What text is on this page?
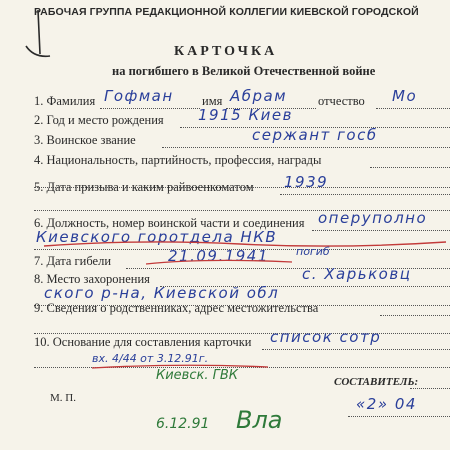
РАБОЧАЯ ГРУППА РЕДАКЦИОННОЙ КОЛЛЕГИИ КИЕВСКОЙ ГОРОДСКОЙ
КАРТОЧКА
на погибшего в Великой Отечественной войне
1. Фамилия Гофман имя Абрам отчество Мо
2. Год и место рождения 1915 Киев
3. Воинское звание	сержант госб
4. Национальность, партийность, профессия, награды
5. Дата призыва и каким райвоенкоматом 1939
6. Должность, номер воинской части и соединения оперуполно
Киевского горотдела НКВ
7. Дата гибели	21.09.1941 погиб
8. Место захоронения	с. Харьковц
ского р-на, Киевской обл
9. Сведения о родственниках, адрес местожительства
10. Основание для составления карточки список сотр
вх. 4/44 от 3.12.91г.
Киевск. ГВК
М. П.
СОСТАВИТЕЛЬ:
«2» 04
6.12.91 Вла
